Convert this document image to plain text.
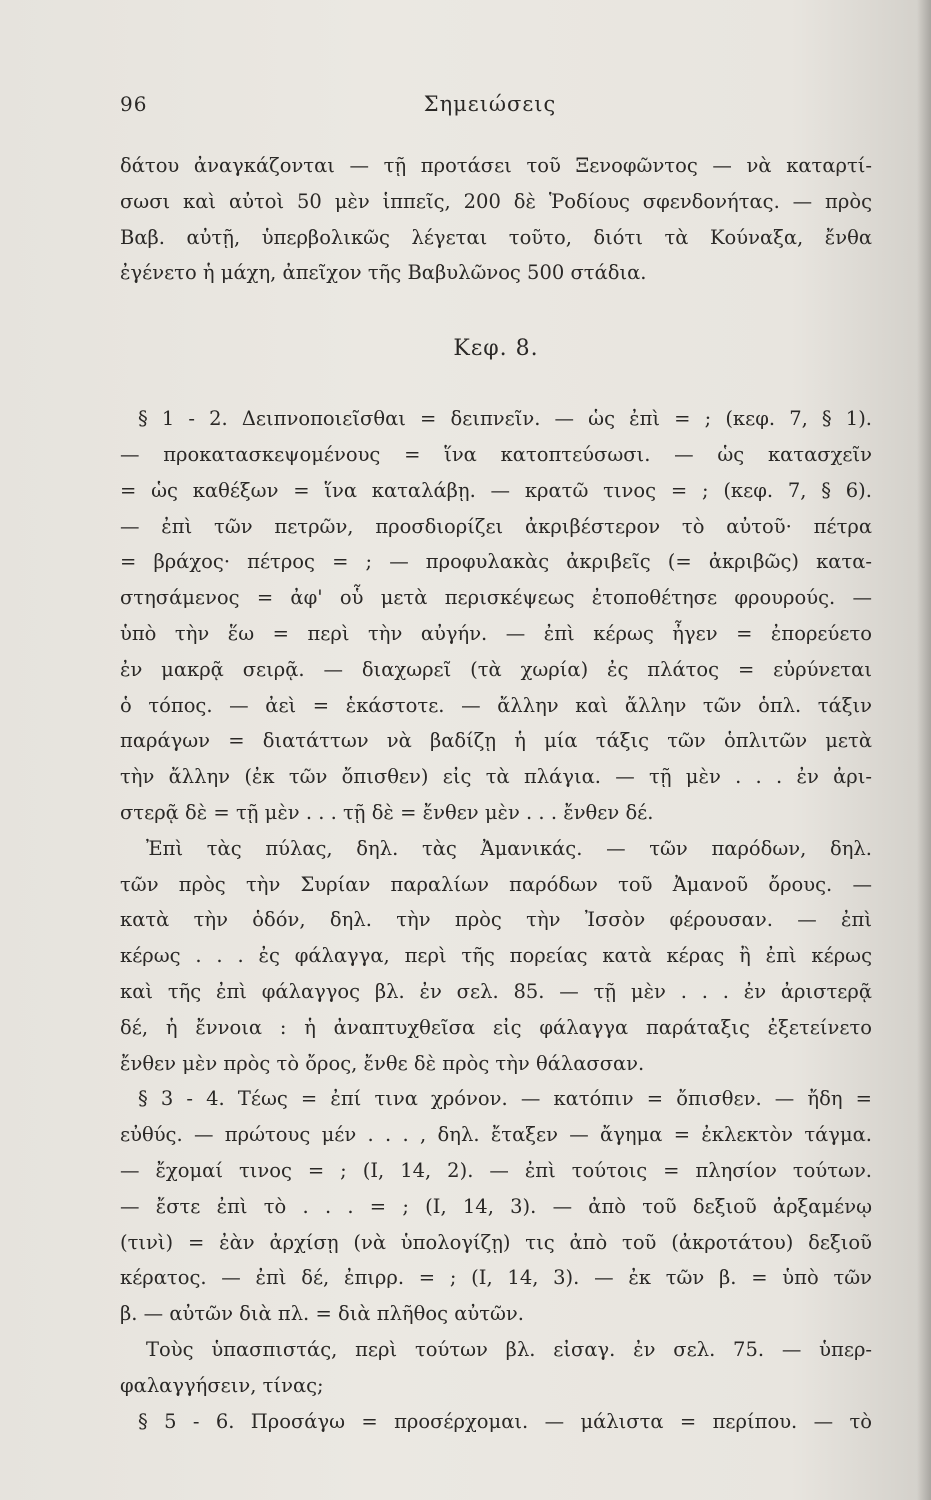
96	Σημειώσεις
δάτου ἀναγκάζονται — τῇ προτάσει τοῦ Ξενοφῶντος — νὰ καταρτί-
σωσι καὶ αὐτοὶ 50 μὲν ἱππεῖς, 200 δὲ Ῥοδίους σφενδονήτας. — πρὸς
Βαβ. αὐτῇ, ὑπερβολικῶς λέγεται τοῦτο, διότι τὰ Κούναξα, ἔνθα
ἐγένετο ἡ μάχη, ἀπεῖχον τῆς Βαβυλῶνος 500 στάδια.
Κεφ. 8.
§ 1 - 2. Δειπνοποιεῖσθαι = δειπνεῖν. — ὡς ἐπὶ = ; (κεφ. 7, § 1).
— προκατασκεψομένους = ἵνα κατοπτεύσωσι. — ὡς κατασχεῖν
= ὡς καθέξων = ἵνα καταλάβῃ. — κρατῶ τινος = ; (κεφ. 7, § 6).
— ἐπὶ τῶν πετρῶν, προσδιορίζει ἀκριβέστερον τὸ αὐτοῦ· πέτρα
= βράχος· πέτρος = ; — προφυλακὰς ἀκριβεῖς (= ἀκριβῶς) κατα-
στησάμενος = ἀφ' οὗ μετὰ περισκέψεως ἐτοποθέτησε φρουρούς. —
ὑπὸ τὴν ἕω = περὶ τὴν αὐγήν. — ἐπὶ κέρως ἦγεν = ἐπορεύετο
ἐν μακρᾷ σειρᾷ. — διαχωρεῖ (τὰ χωρία) ἐς πλάτος = εὐρύνεται
ὁ τόπος. — ἀεὶ = ἑκάστοτε. — ἄλλην καὶ ἄλλην τῶν ὁπλ. τάξιν
παράγων = διατάττων νὰ βαδίζῃ ἡ μία τάξις τῶν ὁπλιτῶν μετὰ
τὴν ἄλλην (ἐκ τῶν ὄπισθεν) εἰς τὰ πλάγια. — τῇ μὲν . . . ἐν ἀρι-
στερᾷ δὲ = τῇ μὲν . . . τῇ δὲ = ἔνθεν μὲν . . . ἔνθεν δέ.
Ἐπὶ τὰς πύλας, δηλ. τὰς Ἀμανικάς. — τῶν παρόδων, δηλ.
τῶν πρὸς τὴν Συρίαν παραλίων παρόδων τοῦ Ἀμανοῦ ὄρους. —
κατὰ τὴν ὁδόν, δηλ. τὴν πρὸς τὴν Ἰσσὸν φέρουσαν. — ἐπὶ
κέρως . . . ἐς φάλαγγα, περὶ τῆς πορείας κατὰ κέρας ἢ ἐπὶ κέρως
καὶ τῆς ἐπὶ φάλαγγος βλ. ἐν σελ. 85. — τῇ μὲν . . . ἐν ἀριστερᾷ
δέ, ἡ ἔννοια : ἡ ἀναπτυχθεῖσα εἰς φάλαγγα παράταξις ἐξετείνετο
ἔνθεν μὲν πρὸς τὸ ὄρος, ἔνθε δὲ πρὸς τὴν θάλασσαν.
§ 3 - 4. Τέως = ἐπί τινα χρόνον. — κατόπιν = ὄπισθεν. — ἤδη =
εὐθύς. — πρώτους μέν . . . , δηλ. ἔταξεν — ἄγημα = ἐκλεκτὸν τάγμα.
— ἔχομαί τινος = ; (Ι, 14, 2). — ἐπὶ τούτοις = πλησίον τούτων.
— ἔστε ἐπὶ τὸ . . . = ; (Ι, 14, 3). — ἀπὸ τοῦ δεξιοῦ ἀρξαμένῳ
(τινὶ) = ἐὰν ἀρχίσῃ (νὰ ὑπολογίζῃ) τις ἀπὸ τοῦ (ἀκροτάτου) δεξιοῦ
κέρατος. — ἐπὶ δέ, ἐπιρρ. = ; (Ι, 14, 3). — ἐκ τῶν β. = ὑπὸ τῶν
β. — αὐτῶν διὰ πλ. = διὰ πλῆθος αὐτῶν.
Τοὺς ὑπασπιστάς, περὶ τούτων βλ. εἰσαγ. ἐν σελ. 75. — ὑπερ-
φαλαγγήσειν, τίνας;
§ 5 - 6. Προσάγω = προσέρχομαι. — μάλιστα = περίπου. — τὸ
